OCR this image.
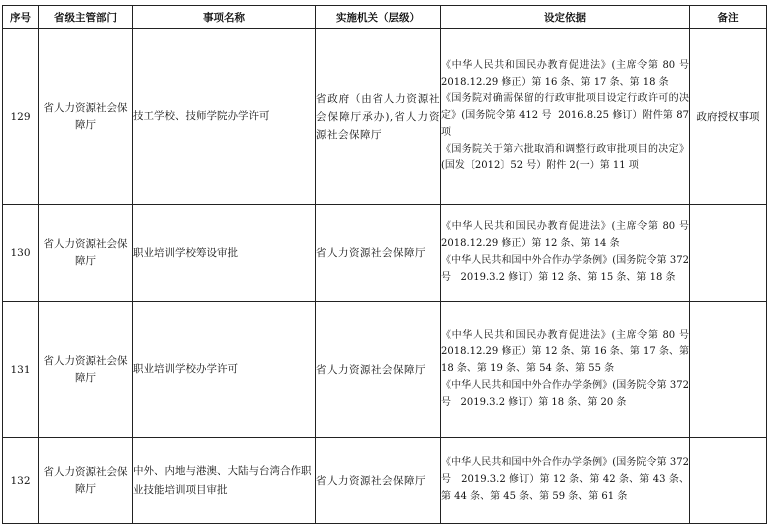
序号	省级主管部门	事项名称	实施机关（层级）	设定依据	备注
129	省人力资源社会保障厅	技工学校、技师学院办学许可	省政府（由省人力资源社会保障厅承办),省人力资源社会保障厅	《中华人民共和国民办教育促进法》(主席令第 80 号   2018.12.29 修正）第 16 条、第 17 条、第 18 条
《国务院对确需保留的行政审批项目设定行政许可的决定》(国务院令第 412 号  2016.8.25 修订）附件第 87 项
《国务院关于第六批取消和调整行政审批项目的决定》(国发〔2012〕52 号）附件 2(一）第 11 项	政府授权事项
130	省人力资源社会保障厅	职业培训学校筹设审批	省人力资源社会保障厅	《中华人民共和国民办教育促进法》(主席令第 80 号   2018.12.29 修正）第 12 条、第 14 条
《中华人民共和国中外合作办学条例》(国务院令第 372 号   2019.3.2 修订）第 12 条、第 15 条、第 18 条	

131	省人力资源社会保障厅	职业培训学校办学许可	省人力资源社会保障厅	《中华人民共和国民办教育促进法》(主席令第 80 号   2018.12.29 修正）第 12 条、第 16 条、第 17 条、第 18 条、第 19 条、第 54 条、第 55 条
《中华人民共和国中外合作办学条例》(国务院令第 372 号   2019.3.2 修订）第 18 条、第 20 条	

132	省人力资源社会保障厅	中外、内地与港澳、大陆与台湾合作职业技能培训项目审批	省人力资源社会保障厅	《中华人民共和国中外合作办学条例》(国务院令第 372 号   2019.3.2 修订）第 12 条、第 42 条、第 43 条、第 44 条、第 45 条、第 59 条、第 61 条	
